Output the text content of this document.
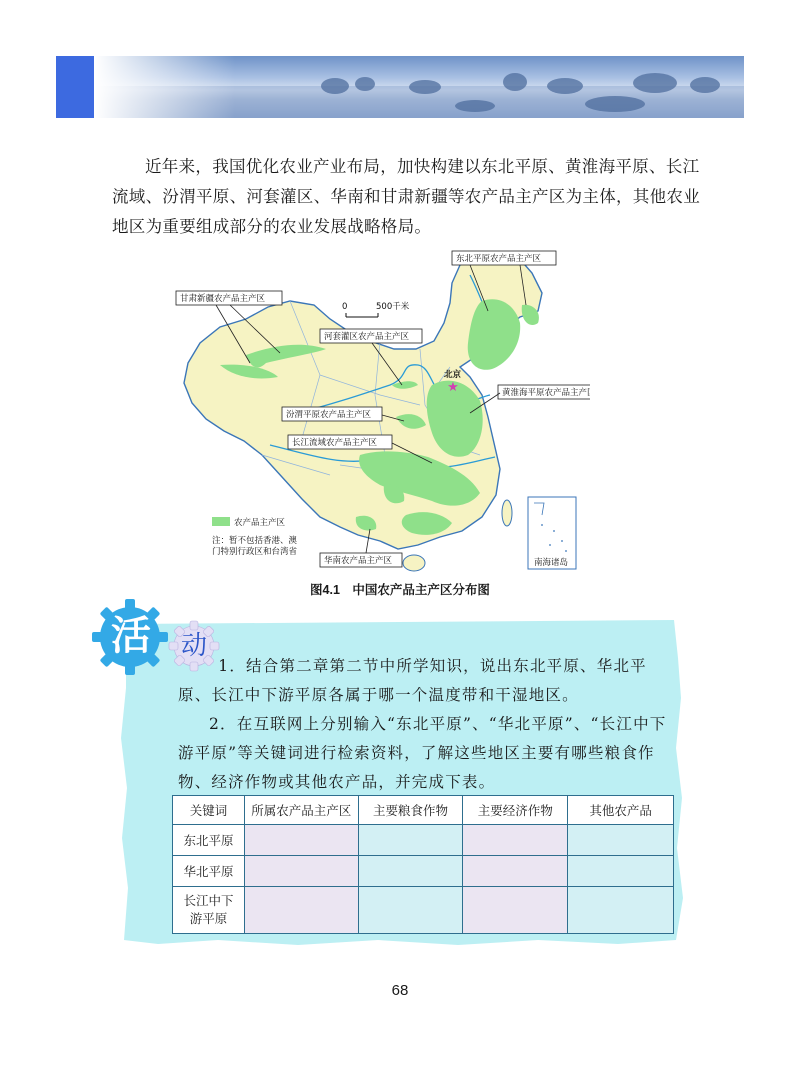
近年来，我国优化农业产业布局，加快构建以东北平原、黄淮海平原、长江流域、汾渭平原、河套灌区、华南和甘肃新疆等农产品主产区为主体，其他农业地区为重要组成部分的农业发展战略格局。

★
北京
0	500千米
东北平原农产品主产区
甘肃新疆农产品主产区
河套灌区农产品主产区
黄淮海平原农产品主产区
汾渭平原农产品主产区
长江流域农产品主产区
华南农产品主产区
农产品主产区
注：暂不包括香港、澳
门特别行政区和台湾省
南海诸岛
图4.1　中国农产品主产区分布图
活	动

1．结合第二章第二节中所学知识，说出东北平原、华北平原、长江中下游平原各属于哪一个温度带和干湿地区。

2．在互联网上分别输入“东北平原”、“华北平原”、“长江中下游平原”等关键词进行检索资料，了解这些地区主要有哪些粮食作物、经济作物或其他农产品，并完成下表。

关键词	所属农产品主产区	主要粮食作物	主要经济作物	其他农产品
东北平原				
华北平原				
长江中下游平原				
68
